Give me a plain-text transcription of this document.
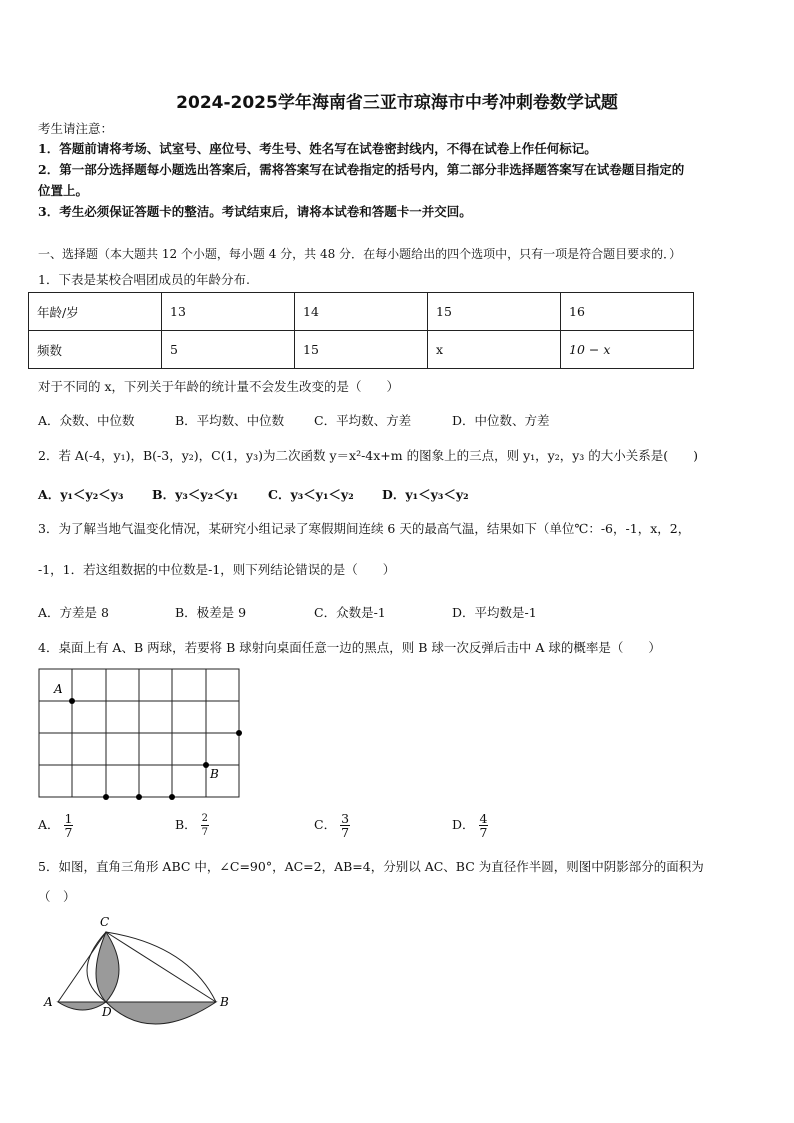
2024-2025学年海南省三亚市琼海市中考冲刺卷数学试题
考生请注意：
1．答题前请将考场、试室号、座位号、考生号、姓名写在试卷密封线内，不得在试卷上作任何标记。
2．第一部分选择题每小题选出答案后，需将答案写在试卷指定的括号内，第二部分非选择题答案写在试卷题目指定的
位置上。
3．考生必须保证答题卡的整洁。考试结束后，请将本试卷和答题卡一并交回。
一、选择题（本大题共 12 个小题，每小题 4 分，共 48 分．在每小题给出的四个选项中，只有一项是符合题目要求的．）
1．下表是某校合唱团成员的年龄分布.
年龄/岁	13	14	15	16
频数	5	15	x	10 − x
对于不同的 x，下列关于年龄的统计量不会发生改变的是（　　）
A．众数、中位数	B．平均数、中位数 C．平均数、方差	D．中位数、方差
2．若 A(-4，y₁)，B(-3，y₂)，C(1，y₃)为二次函数 y＝x²-4x+m 的图象上的三点，则 y₁，y₂，y₃ 的大小关系是(　　)
A．y₁＜y₂＜y₃ B．y₃＜y₂＜y₁ C．y₃＜y₁＜y₂ D．y₁＜y₃＜y₂
3．为了解当地气温变化情况，某研究小组记录了寒假期间连续 6 天的最高气温，结果如下（单位℃：-6，-1，x，2，
-1，1．若这组数据的中位数是-1，则下列结论错误的是（　　）
A．方差是 8	B．极差是 9	C．众数是-1	D．平均数是-1
4．桌面上有 A、B 两球，若要将 B 球射向桌面任意一边的黑点，则 B 球一次反弹后击中 A 球的概率是（　　）
A
B
A． $\frac{1}{7}$	B． $\frac{2}{7}$	C． $\frac{3}{7}$	D． $\frac{4}{7}$
5．如图，直角三角形 ABC 中，∠C=90°，AC=2，AB=4，分别以 AC、BC 为直径作半圆，则图中阴影部分的面积为
（　）
C
A	B
D
